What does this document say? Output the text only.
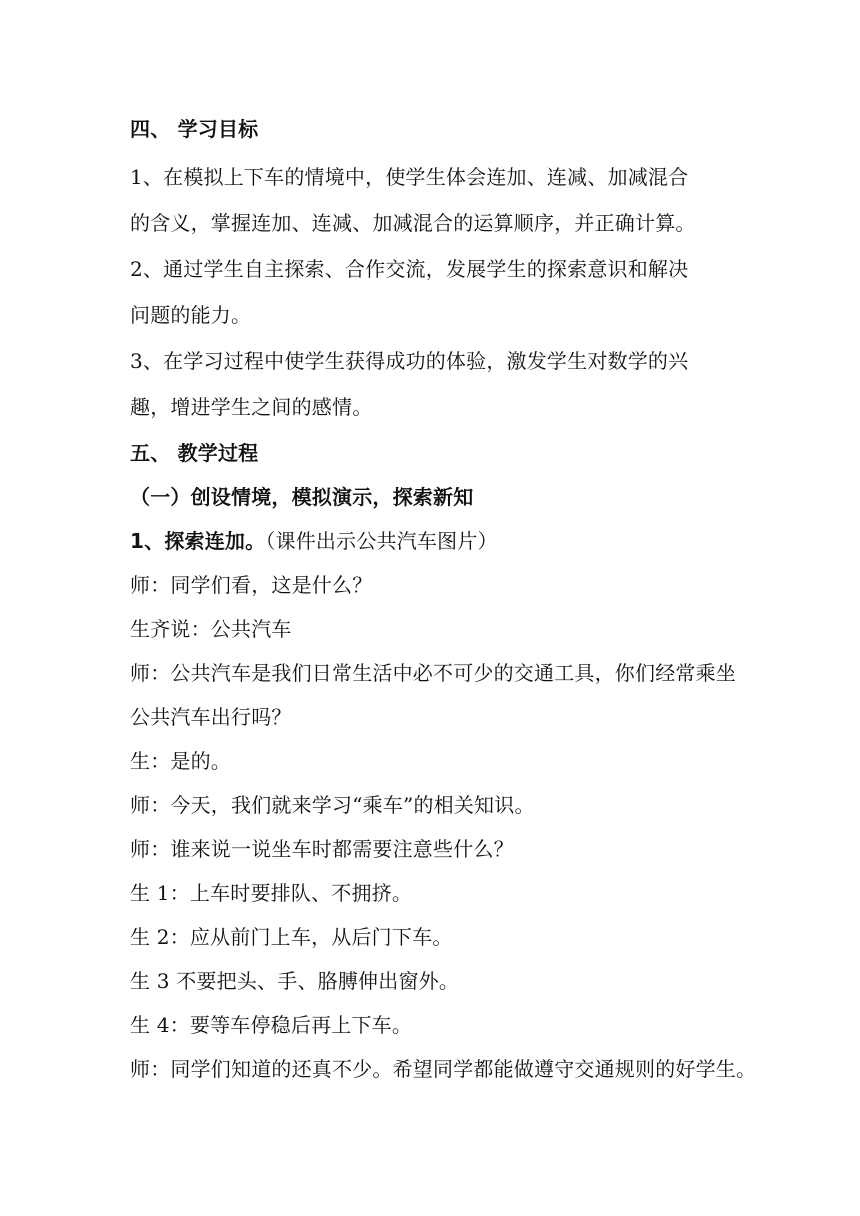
四、 学习目标
1、在模拟上下车的情境中，使学生体会连加、连减、加减混合
的含义，掌握连加、连减、加减混合的运算顺序，并正确计算。
2、通过学生自主探索、合作交流，发展学生的探索意识和解决
问题的能力。
3、在学习过程中使学生获得成功的体验，激发学生对数学的兴
趣，增进学生之间的感情。
五、 教学过程
（一）创设情境，模拟演示，探索新知
1、探索连加。（课件出示公共汽车图片）
师：同学们看，这是什么？
生齐说：公共汽车
师：公共汽车是我们日常生活中必不可少的交通工具，你们经常乘坐
公共汽车出行吗？
生：是的。
师：今天，我们就来学习“乘车”的相关知识。
师：谁来说一说坐车时都需要注意些什么？
生 1：上车时要排队、不拥挤。
生 2：应从前门上车，从后门下车。
生 3 不要把头、手、胳膊伸出窗外。
生 4：要等车停稳后再上下车。
师：同学们知道的还真不少。希望同学都能做遵守交通规则的好学生。
